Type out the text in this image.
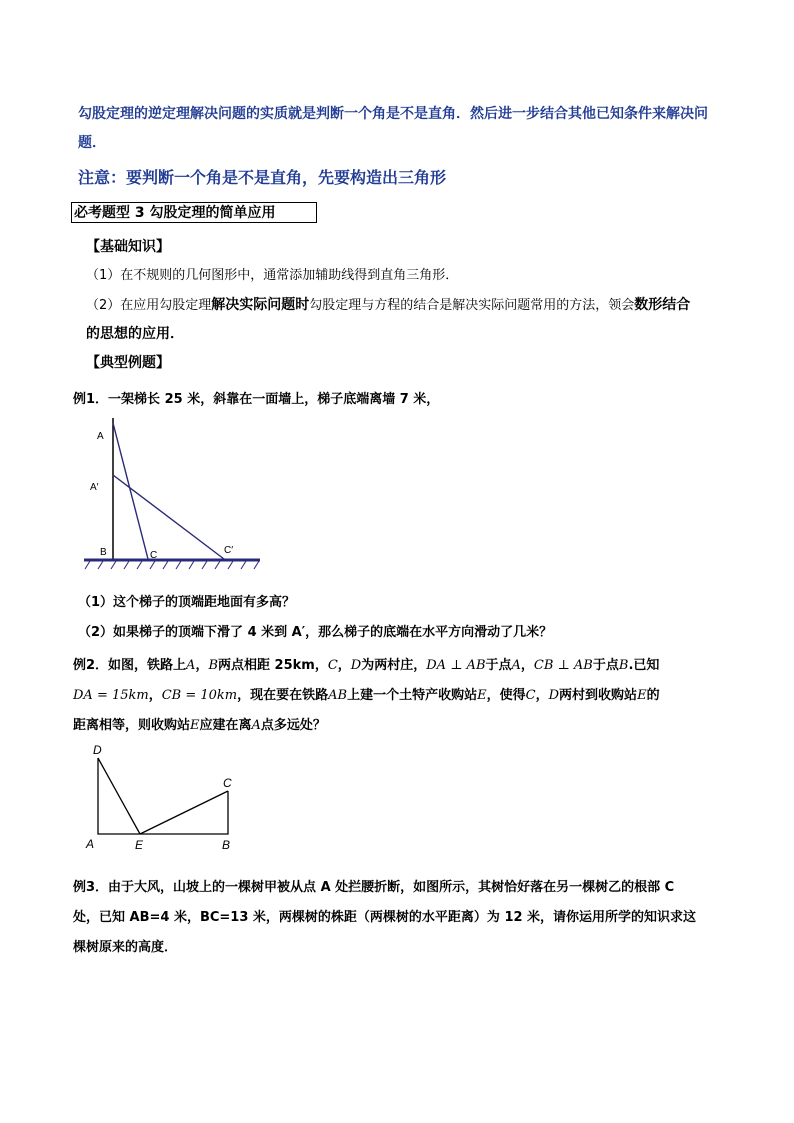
勾股定理的逆定理解决问题的实质就是判断一个角是不是直角．然后进一步结合其他已知条件来解决问题．
注意：要判断一个角是不是直角，先要构造出三角形
必考题型 3 勾股定理的简单应用
【基础知识】
（1）在不规则的几何图形中，通常添加辅助线得到直角三角形．
（2）在应用勾股定理解决实际问题时勾股定理与方程的结合是解决实际问题常用的方法，领会数形结合
的思想的应用．
【典型例题】
例1．一架梯长 25 米，斜靠在一面墙上，梯子底端离墙 7 米，
A
A′
B	C	C′
（1）这个梯子的顶端距地面有多高？
（2）如果梯子的顶端下滑了 4 米到 A′，那么梯子的底端在水平方向滑动了几米？
例2．如图，铁路上A，B两点相距 25km，C，D为两村庄，DA ⊥ AB于点A，CB ⊥ AB于点B.已知
DA = 15km，CB = 10km，现在要在铁路AB上建一个土特产收购站E，使得C，D两村到收购站E的
距离相等，则收购站E应建在离A点多远处？
D
C
A	E	B
例3．由于大风，山坡上的一棵树甲被从点 A 处拦腰折断，如图所示，其树恰好落在另一棵树乙的根部 C
处，已知 AB=4 米，BC=13 米，两棵树的株距（两棵树的水平距离）为 12 米，请你运用所学的知识求这
棵树原来的高度．
